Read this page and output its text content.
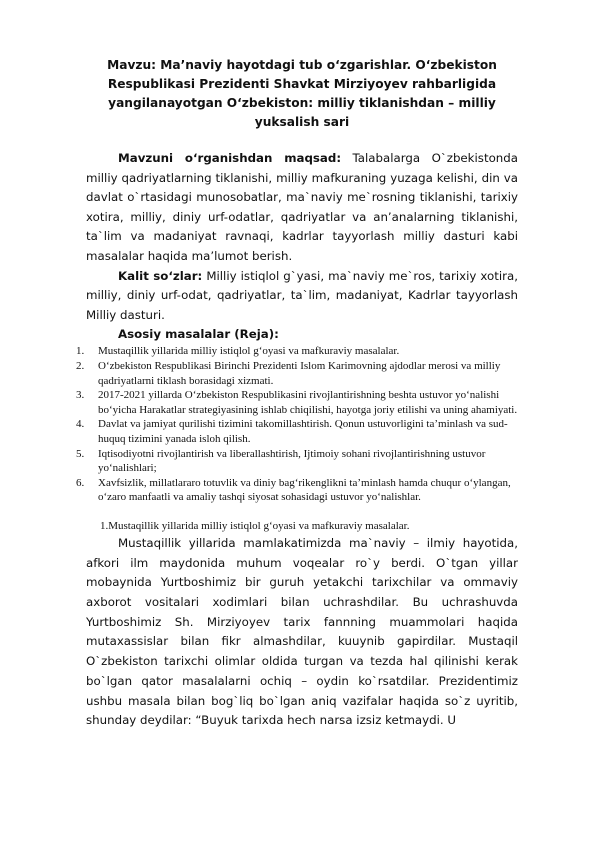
Mavzu: Ma’naviy hayotdagi tub o‘zgarishlar. O‘zbekiston Respublikasi Prezidenti Shavkat Mirziyoyev rahbarligida yangilanayotgan O‘zbekiston: milliy tiklanishdan – milliy yuksalish sari

Mavzuni o‘rganishdan maqsad: Talabalarga O`zbekistonda milliy qadriyatlarning tiklanishi, milliy mafkuraning yuzaga kelishi, din va davlat o`rtasidagi munosobatlar, ma`naviy me`rosning tiklanishi, tarixiy xotira, milliy, diniy urf-odatlar, qadriyatlar va an’analarning tiklanishi, ta`lim va madaniyat ravnaqi, kadrlar tayyorlash milliy dasturi kabi masalalar haqida ma’lumot berish.

Kalit so‘zlar: Milliy istiqlol g`yasi, ma`naviy me`ros, tarixiy xotira, milliy, diniy urf-odat, qadriyatlar, ta`lim, madaniyat, Kadrlar tayyorlash Milliy dasturi.

Asosiy masalalar (Reja):

1. Mustaqillik yillarida milliy istiqlol g‘oyasi va mafkuraviy masalalar.
2. O‘zbekiston Respublikasi Birinchi Prezidenti Islom Karimovning ajdodlar merosi va milliy qadriyatlarni tiklash borasidagi xizmati.
3. 2017-2021 yillarda O‘zbekiston Respublikasini rivojlantirishning beshta ustuvor yo‘nalishi bo‘yicha Harakatlar strategiyasining ishlab chiqilishi, hayotga joriy etilishi va uning ahamiyati.
4. Davlat va jamiyat qurilishi tizimini takomillashtirish. Qonun ustuvorligini ta’minlash va sud-huquq tizimini yanada isloh qilish.
5. Iqtisodiyotni rivojlantirish va liberallashtirish, Ijtimoiy sohani rivojlantirishning ustuvor yo‘nalishlari;
6. Xavfsizlik, millatlararo totuvlik va diniy bag‘rikenglikni ta’minlash hamda chuqur o‘ylangan, o‘zaro manfaatli va amaliy tashqi siyosat sohasidagi ustuvor yo‘nalishlar.

1.Mustaqillik yillarida milliy istiqlol g‘oyasi va mafkuraviy masalalar.

Mustaqillik yillarida mamlakatimizda ma`naviy – ilmiy hayotida, afkori ilm maydonida muhum voqealar ro`y berdi. O`tgan yillar mobaynida Yurtboshimiz bir guruh yetakchi tarixchilar va ommaviy axborot vositalari xodimlari bilan uchrashdilar. Bu uchrashuvda Yurtboshimiz Sh. Mirziyoyev tarix fannning muammolari haqida mutaxassislar bilan fikr almashdilar, kuuynib gapirdilar. Mustaqil O`zbekiston tarixchi olimlar oldida turgan va tezda hal qilinishi kerak bo`lgan qator masalalarni ochiq – oydin ko`rsatdilar. Prezidentimiz ushbu masala bilan bog`liq bo`lgan aniq vazifalar haqida so`z uyritib, shunday deydilar: “Buyuk tarixda hech narsa izsiz ketmaydi. U
